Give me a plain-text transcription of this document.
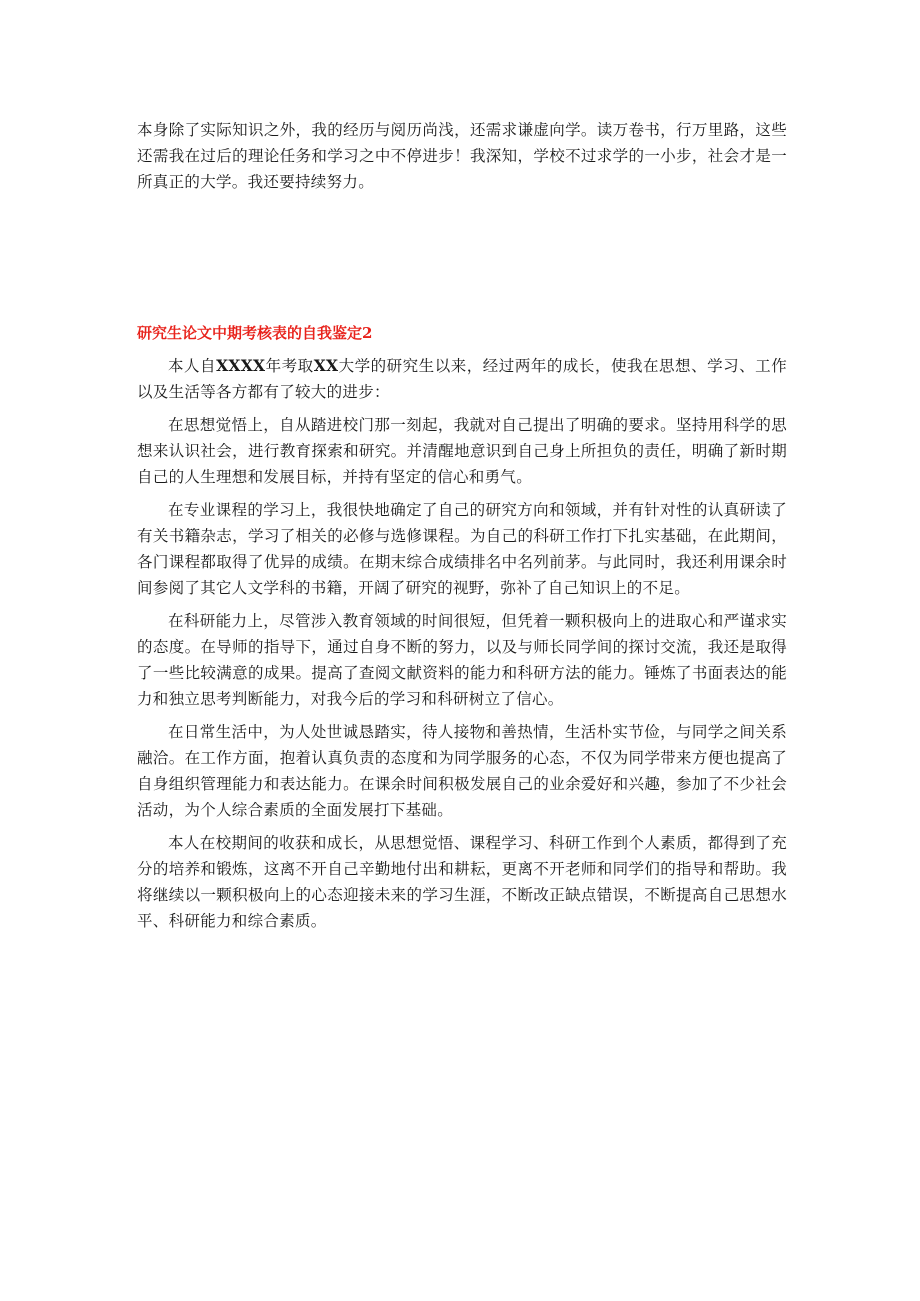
本身除了实际知识之外，我的经历与阅历尚浅，还需求谦虚向学。读万卷书，行万里路，这些还需我在过后的理论任务和学习之中不停进步！我深知，学校不过求学的一小步，社会才是一所真正的大学。我还要持续努力。

研究生论文中期考核表的自我鉴定2

本人自XXXX年考取XX大学的研究生以来，经过两年的成长，使我在思想、学习、工作以及生活等各方都有了较大的进步：

在思想觉悟上，自从踏进校门那一刻起，我就对自己提出了明确的要求。坚持用科学的思想来认识社会，进行教育探索和研究。并清醒地意识到自己身上所担负的责任，明确了新时期自己的人生理想和发展目标，并持有坚定的信心和勇气。

在专业课程的学习上，我很快地确定了自己的研究方向和领域，并有针对性的认真研读了有关书籍杂志，学习了相关的必修与选修课程。为自己的科研工作打下扎实基础，在此期间，各门课程都取得了优异的成绩。在期末综合成绩排名中名列前茅。与此同时，我还利用课余时间参阅了其它人文学科的书籍，开阔了研究的视野，弥补了自己知识上的不足。

在科研能力上，尽管涉入教育领域的时间很短，但凭着一颗积极向上的进取心和严谨求实的态度。在导师的指导下，通过自身不断的努力，以及与师长同学间的探讨交流，我还是取得了一些比较满意的成果。提高了查阅文献资料的能力和科研方法的能力。锤炼了书面表达的能力和独立思考判断能力，对我今后的学习和科研树立了信心。

在日常生活中，为人处世诚恳踏实，待人接物和善热情，生活朴实节俭，与同学之间关系融洽。在工作方面，抱着认真负责的态度和为同学服务的心态，不仅为同学带来方便也提高了自身组织管理能力和表达能力。在课余时间积极发展自己的业余爱好和兴趣，参加了不少社会活动，为个人综合素质的全面发展打下基础。

本人在校期间的收获和成长，从思想觉悟、课程学习、科研工作到个人素质，都得到了充分的培养和锻炼，这离不开自己辛勤地付出和耕耘，更离不开老师和同学们的指导和帮助。我将继续以一颗积极向上的心态迎接未来的学习生涯，不断改正缺点错误，不断提高自己思想水平、科研能力和综合素质。
